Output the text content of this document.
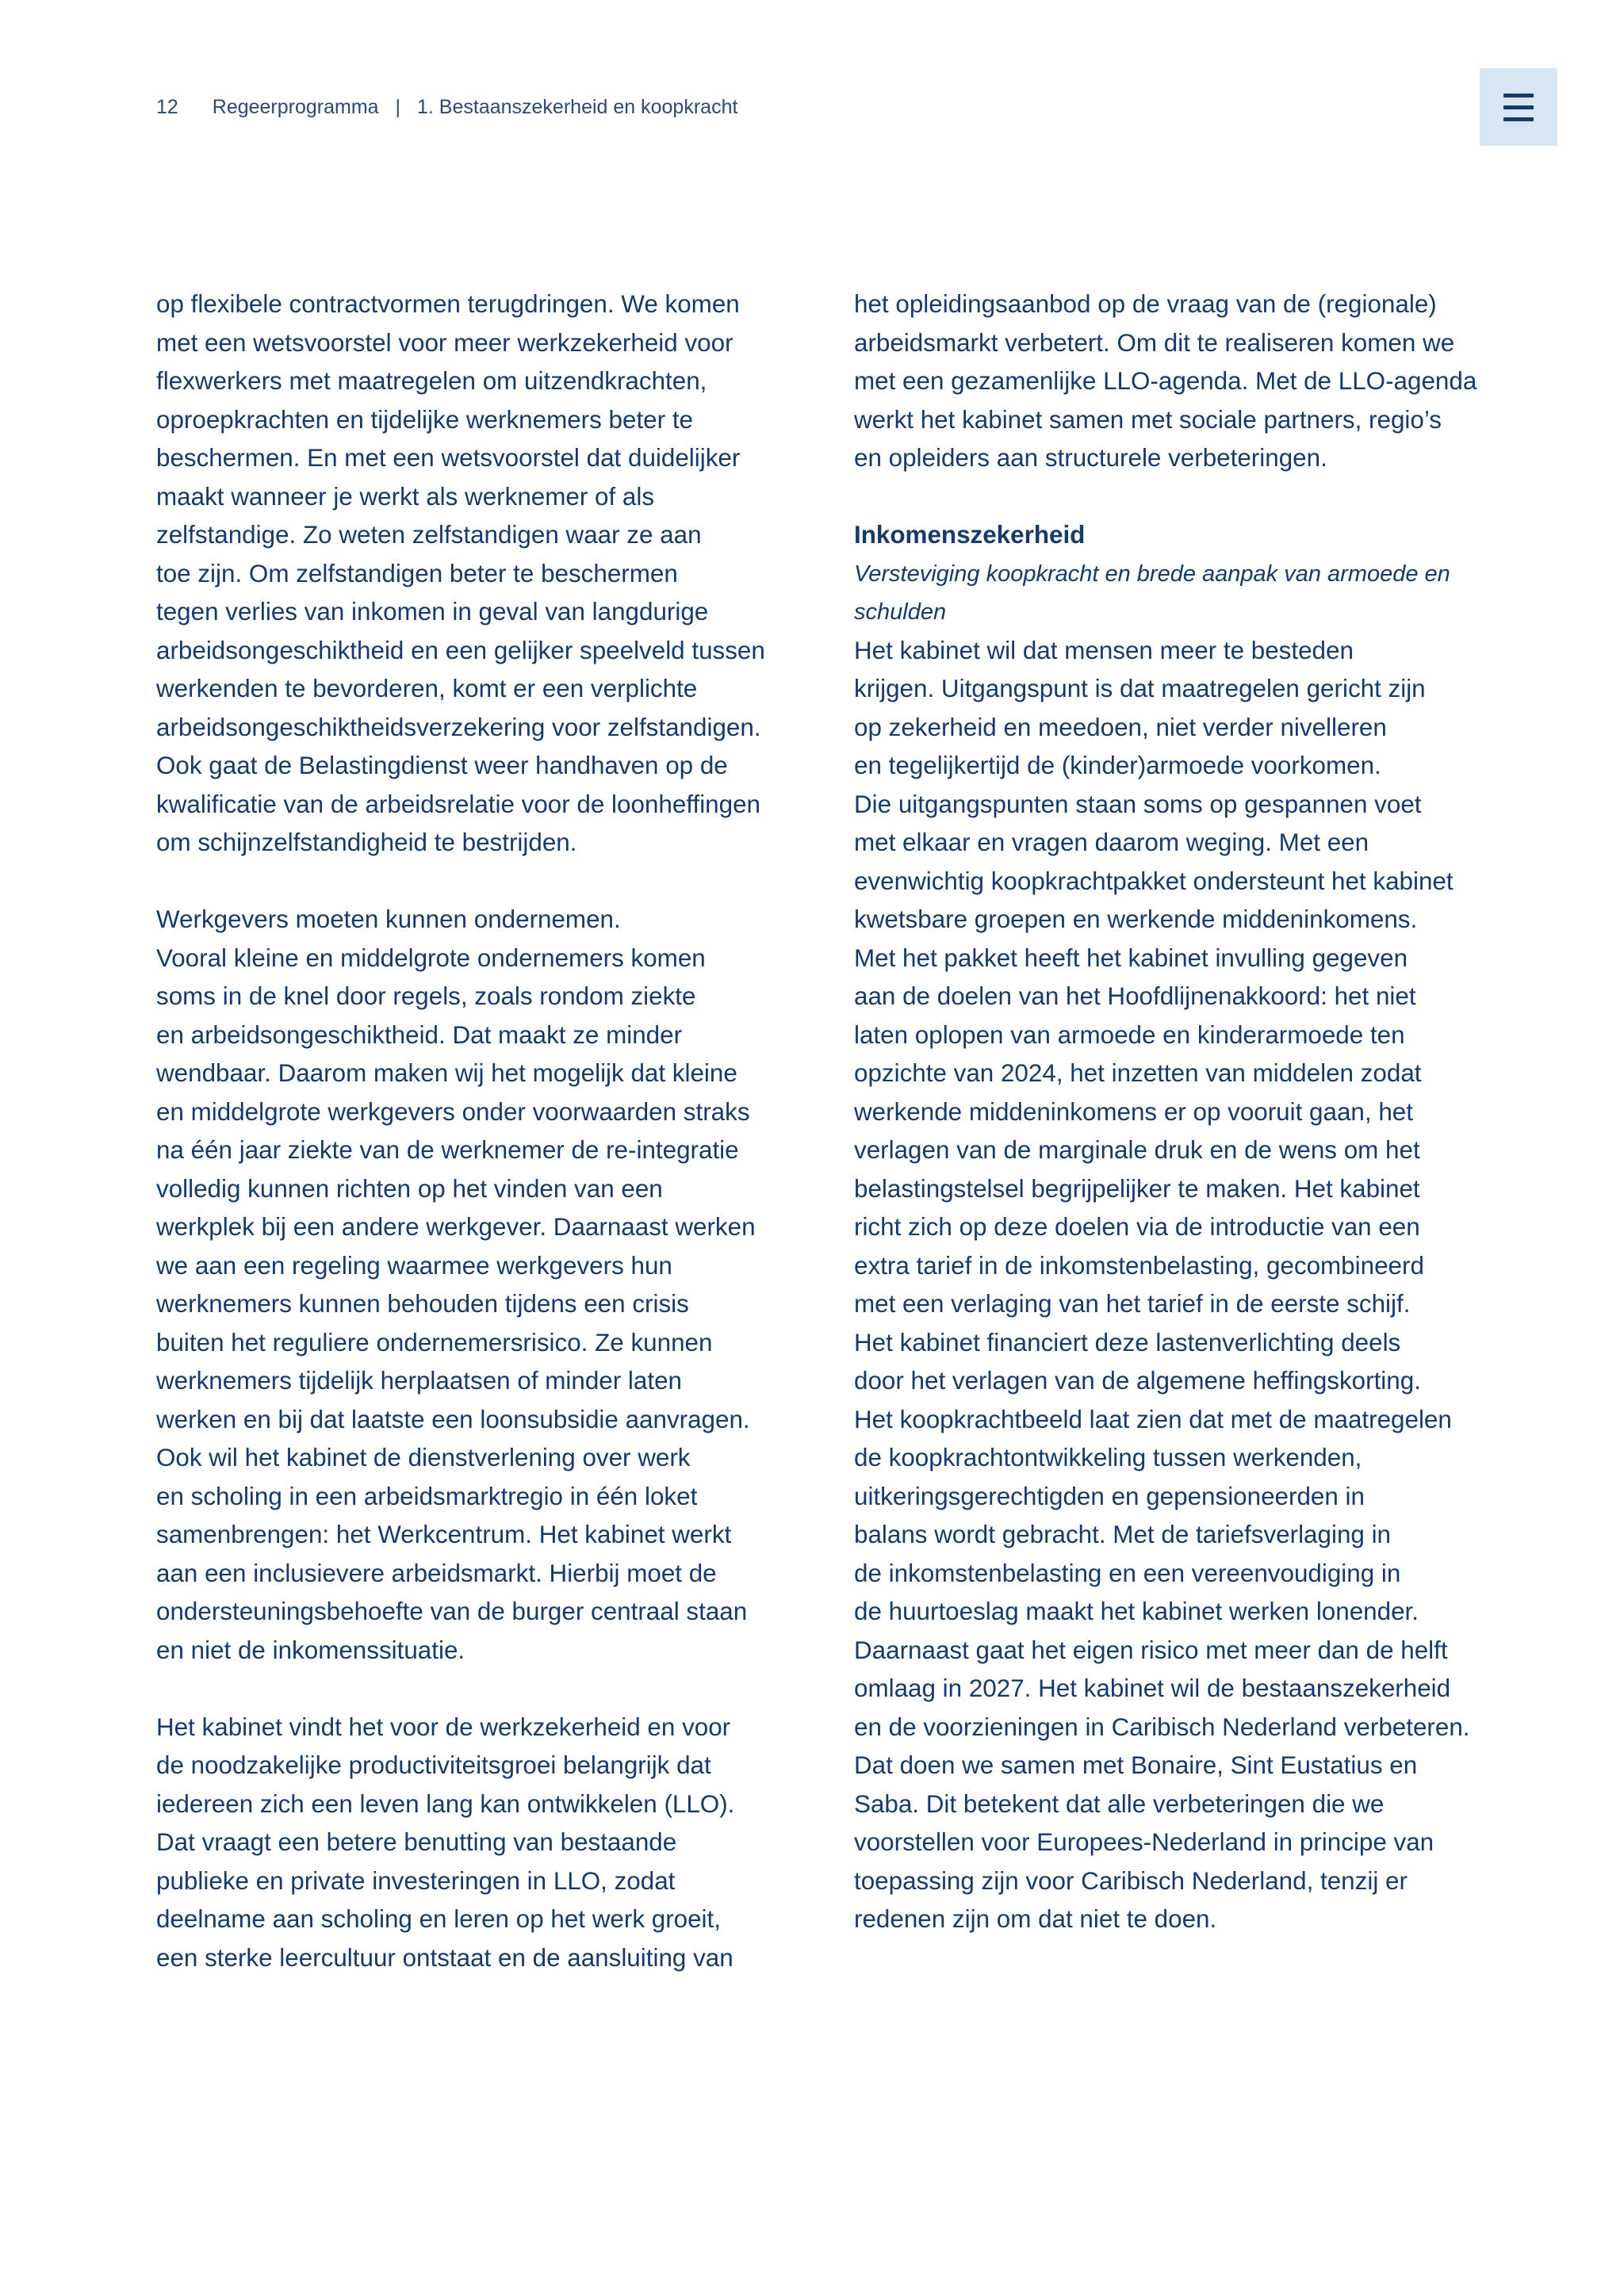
12 Regeerprogramma | 1. Bestaanszekerheid en koopkracht

op flexibele contractvormen terugdringen. We komen
met een wetsvoorstel voor meer werkzekerheid voor
flexwerkers met maatregelen om uitzendkrachten,
oproepkrachten en tijdelijke werknemers beter te
beschermen. En met een wetsvoorstel dat duidelijker
maakt wanneer je werkt als werknemer of als
zelfstandige. Zo weten zelfstandigen waar ze aan
toe zijn. Om zelfstandigen beter te beschermen
tegen verlies van inkomen in geval van langdurige
arbeidsongeschiktheid en een gelijker speelveld tussen
werkenden te bevorderen, komt er een verplichte
arbeidsongeschiktheidsverzekering voor zelfstandigen.
Ook gaat de Belastingdienst weer handhaven op de
kwalificatie van de arbeidsrelatie voor de loonheffingen
om schijnzelfstandigheid te bestrijden.

Werkgevers moeten kunnen ondernemen.
Vooral kleine en middelgrote ondernemers komen
soms in de knel door regels, zoals rondom ziekte
en arbeidsongeschiktheid. Dat maakt ze minder
wendbaar. Daarom maken wij het mogelijk dat kleine
en middelgrote werkgevers onder voorwaarden straks
na één jaar ziekte van de werknemer de re-integratie
volledig kunnen richten op het vinden van een
werkplek bij een andere werkgever. Daarnaast werken
we aan een regeling waarmee werkgevers hun
werknemers kunnen behouden tijdens een crisis
buiten het reguliere ondernemersrisico. Ze kunnen
werknemers tijdelijk herplaatsen of minder laten
werken en bij dat laatste een loonsubsidie aanvragen.
Ook wil het kabinet de dienstverlening over werk
en scholing in een arbeidsmarktregio in één loket
samenbrengen: het Werkcentrum. Het kabinet werkt
aan een inclusievere arbeidsmarkt. Hierbij moet de
ondersteuningsbehoefte van de burger centraal staan
en niet de inkomenssituatie.

Het kabinet vindt het voor de werkzekerheid en voor
de noodzakelijke productiviteitsgroei belangrijk dat
iedereen zich een leven lang kan ontwikkelen (LLO).
Dat vraagt een betere benutting van bestaande
publieke en private investeringen in LLO, zodat
deelname aan scholing en leren op het werk groeit,
een sterke leercultuur ontstaat en de aansluiting van

het opleidingsaanbod op de vraag van de (regionale)
arbeidsmarkt verbetert. Om dit te realiseren komen we
met een gezamenlijke LLO-agenda. Met de LLO-agenda
werkt het kabinet samen met sociale partners, regio’s
en opleiders aan structurele verbeteringen.

Inkomenszekerheid
Versteviging koopkracht en brede aanpak van armoede en
schulden
Het kabinet wil dat mensen meer te besteden
krijgen. Uitgangspunt is dat maatregelen gericht zijn
op zekerheid en meedoen, niet verder nivelleren
en tegelijkertijd de (kinder)armoede voorkomen.
Die uitgangspunten staan soms op gespannen voet
met elkaar en vragen daarom weging. Met een
evenwichtig koopkrachtpakket ondersteunt het kabinet
kwetsbare groepen en werkende middeninkomens.
Met het pakket heeft het kabinet invulling gegeven
aan de doelen van het Hoofdlijnenakkoord: het niet
laten oplopen van armoede en kinderarmoede ten
opzichte van 2024, het inzetten van middelen zodat
werkende middeninkomens er op vooruit gaan, het
verlagen van de marginale druk en de wens om het
belastingstelsel begrijpelijker te maken. Het kabinet
richt zich op deze doelen via de introductie van een
extra tarief in de inkomstenbelasting, gecombineerd
met een verlaging van het tarief in de eerste schijf.
Het kabinet financiert deze lastenverlichting deels
door het verlagen van de algemene heffingskorting.
Het koopkrachtbeeld laat zien dat met de maatregelen
de koopkrachtontwikkeling tussen werkenden,
uitkeringsgerechtigden en gepensioneerden in
balans wordt gebracht. Met de tariefsverlaging in
de inkomstenbelasting en een vereenvoudiging in
de huurtoeslag maakt het kabinet werken lonender.
Daarnaast gaat het eigen risico met meer dan de helft
omlaag in 2027. Het kabinet wil de bestaanszekerheid
en de voorzieningen in Caribisch Nederland verbeteren.
Dat doen we samen met Bonaire, Sint Eustatius en
Saba. Dit betekent dat alle verbeteringen die we
voorstellen voor Europees-Nederland in principe van
toepassing zijn voor Caribisch Nederland, tenzij er
redenen zijn om dat niet te doen.
